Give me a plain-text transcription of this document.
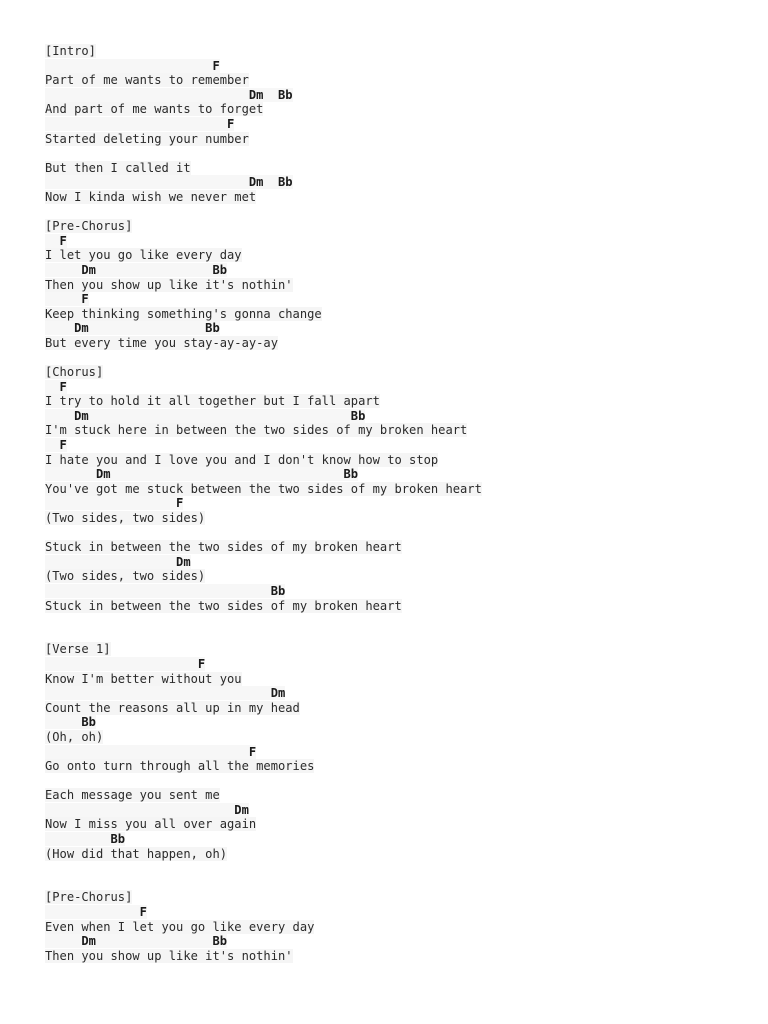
[Intro]
F
Part of me wants to remember
Dm  Bb
And part of me wants to forget
F
Started deleting your number
But then I called it
Dm  Bb
Now I kinda wish we never met
[Pre-Chorus]
F
I let you go like every day
Dm                Bb
Then you show up like it's nothin'
F
Keep thinking something's gonna change
Dm                Bb
But every time you stay-ay-ay-ay
[Chorus]
F
I try to hold it all together but I fall apart
Dm                                    Bb
I'm stuck here in between the two sides of my broken heart
F
I hate you and I love you and I don't know how to stop
Dm                                Bb
You've got me stuck between the two sides of my broken heart
F
(Two sides, two sides)
Stuck in between the two sides of my broken heart
Dm
(Two sides, two sides)
Bb
Stuck in between the two sides of my broken heart
[Verse 1]
F
Know I'm better without you
Dm
Count the reasons all up in my head
Bb
(Oh, oh)
F
Go onto turn through all the memories
Each message you sent me
Dm
Now I miss you all over again
Bb
(How did that happen, oh)
[Pre-Chorus]
F
Even when I let you go like every day
Dm                Bb
Then you show up like it's nothin'
